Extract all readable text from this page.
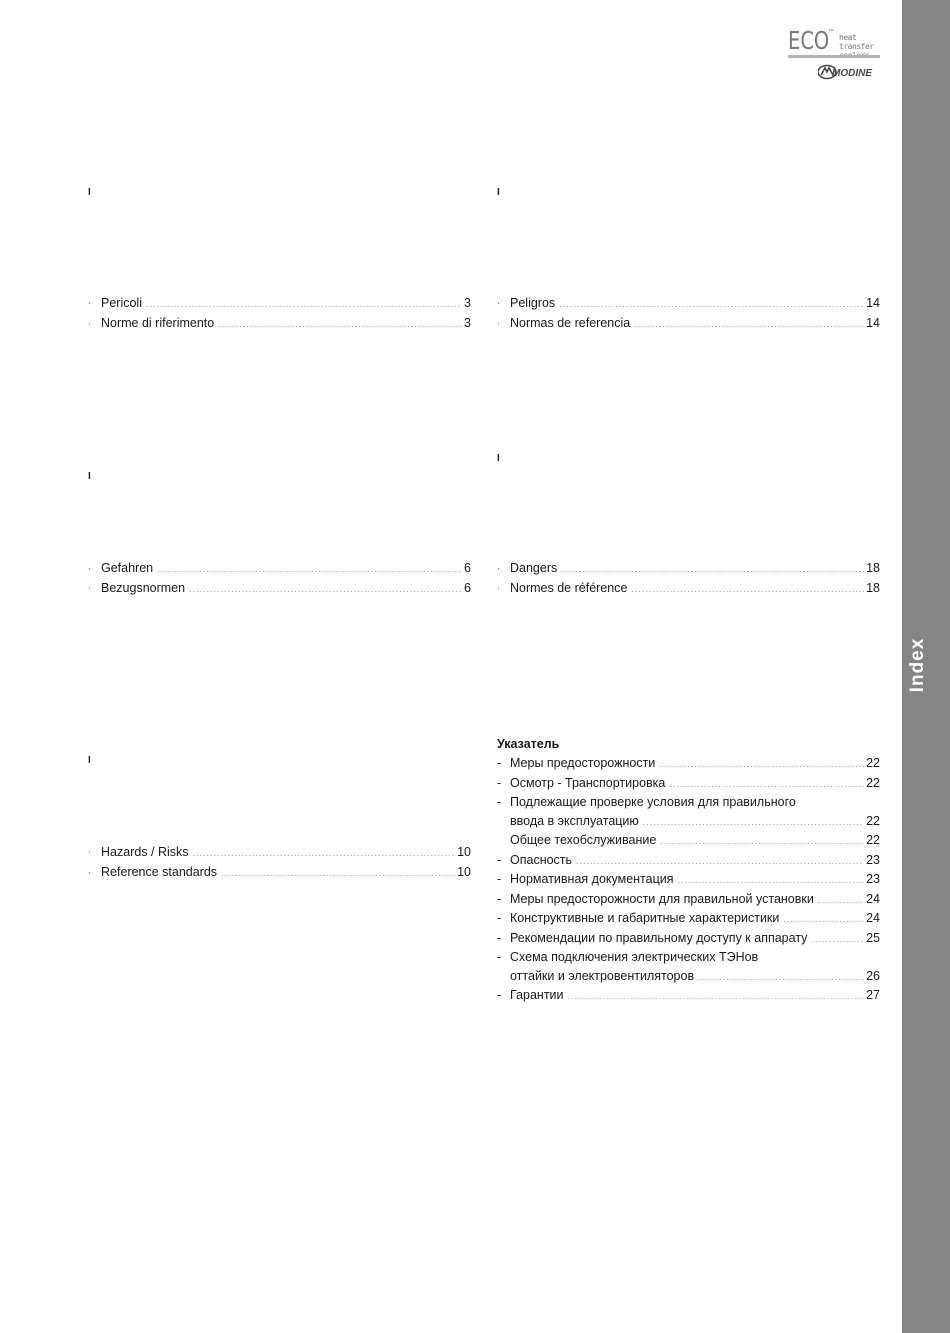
Index
ECO
™
heat transfer
MODINE
I
· Pericoli .....	3
· Norme di riferimento .....	3
I
· Peligros .....	14
· Normas de referencia .....	14
I
· Gefahren .....	6
· Bezugsnormen .....	6
I
· Dangers .....	18
· Normes de référence .....	18
I
· Hazards / Risks .....	10
· Reference standards .....	10
Указатель
- Меры предосторожности .....	22
- Осмотр - Транспортировка .....	22
- Подлежащие проверке условия для правильного
ввода в эксплуатацию .....	22
Общее техобслуживание .....	22
- Опасность .....	23
- Нормативная документация .....	23
- Меры предосторожности для правильной установки .....	24
- Конструктивные и габаритные характеристики .....	24
- Рекомендации по правильному доступу к аппарату .....	25
- Схема подключения электрических ТЭНов
оттайки и электровентиляторов .....	26
- Гарантии .....	27
